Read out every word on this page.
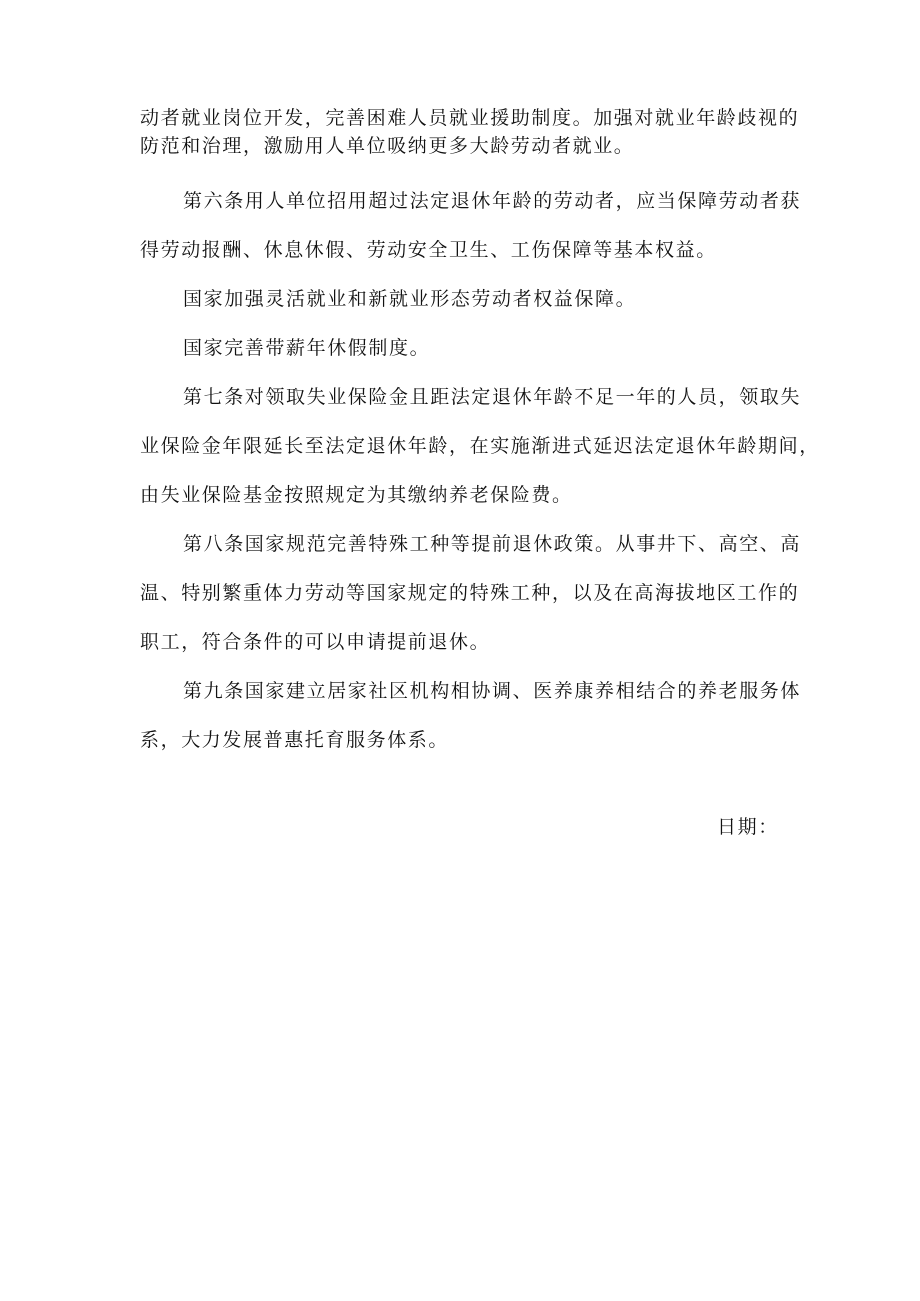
动者就业岗位开发，完善困难人员就业援助制度。加强对就业年龄歧视的
防范和治理，激励用人单位吸纳更多大龄劳动者就业。
第六条用人单位招用超过法定退休年龄的劳动者，应当保障劳动者获
得劳动报酬、休息休假、劳动安全卫生、工伤保障等基本权益。
国家加强灵活就业和新就业形态劳动者权益保障。
国家完善带薪年休假制度。
第七条对领取失业保险金且距法定退休年龄不足一年的人员，领取失
业保险金年限延长至法定退休年龄，在实施渐进式延迟法定退休年龄期间，
由失业保险基金按照规定为其缴纳养老保险费。
第八条国家规范完善特殊工种等提前退休政策。从事井下、高空、高
温、特别繁重体力劳动等国家规定的特殊工种，以及在高海拔地区工作的
职工，符合条件的可以申请提前退休。
第九条国家建立居家社区机构相协调、医养康养相结合的养老服务体
系，大力发展普惠托育服务体系。
日期：
